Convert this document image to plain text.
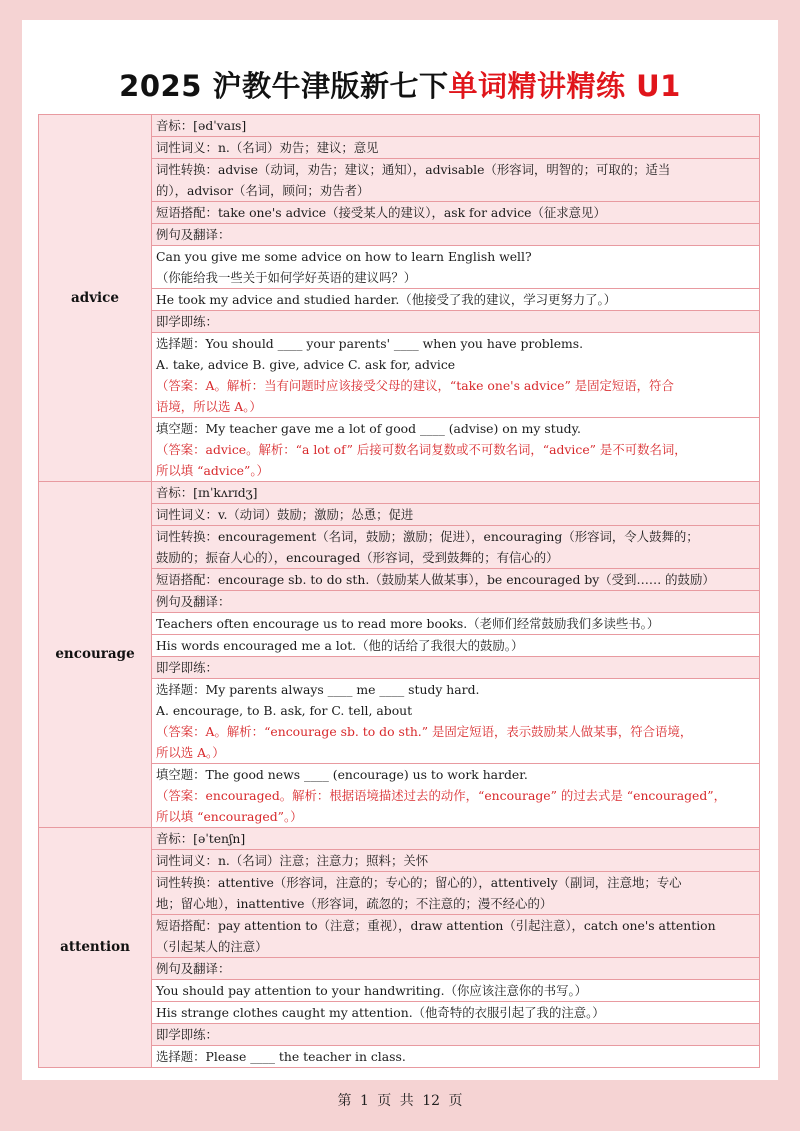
2025 沪教牛津版新七下单词精讲精练 U1
advice	音标：[ədˈvaɪs]

	词性词义：n.（名词）劝告；建议；意见

	词性转换：advise（动词，劝告；建议；通知），advisable（形容词，明智的；可取的；适当
的），advisor（名词，顾问；劝告者）

	短语搭配：take one's advice（接受某人的建议），ask for advice（征求意见）

	例句及翻译：

	Can you give me some advice on how to learn English well?
（你能给我一些关于如何学好英语的建议吗？）

	He took my advice and studied harder.（他接受了我的建议，学习更努力了。）

	即学即练：

	选择题：You should ____ your parents' ____ when you have problems.
A. take, advice B. give, advice C. ask for, advice
（答案：A。解析：当有问题时应该接受父母的建议，“take one's advice” 是固定短语，符合
语境，所以选 A。）

	填空题：My teacher gave me a lot of good ____ (advise) on my study.
（答案：advice。解析：“a lot of” 后接可数名词复数或不可数名词，“advice” 是不可数名词，
所以填 “advice”。）

encourage	音标：[ɪnˈkʌrɪdʒ]

	词性词义：v.（动词）鼓励；激励；怂恿；促进

	词性转换：encouragement（名词，鼓励；激励；促进），encouraging（形容词，令人鼓舞的；
鼓励的；振奋人心的），encouraged（形容词，受到鼓舞的；有信心的）

	短语搭配：encourage sb. to do sth.（鼓励某人做某事），be encouraged by（受到…… 的鼓励）

	例句及翻译：

	Teachers often encourage us to read more books.（老师们经常鼓励我们多读些书。）

	His words encouraged me a lot.（他的话给了我很大的鼓励。）

	即学即练：

	选择题：My parents always ____ me ____ study hard.
A. encourage, to B. ask, for C. tell, about
（答案：A。解析：“encourage sb. to do sth.” 是固定短语，表示鼓励某人做某事，符合语境，
所以选 A。）

	填空题：The good news ____ (encourage) us to work harder.
（答案：encouraged。解析：根据语境描述过去的动作，“encourage” 的过去式是 “encouraged”，
所以填 “encouraged”。）

attention	音标：[əˈtenʃn]

	词性词义：n.（名词）注意；注意力；照料；关怀

	词性转换：attentive（形容词，注意的；专心的；留心的），attentively（副词，注意地；专心
地；留心地），inattentive（形容词，疏忽的；不注意的；漫不经心的）

	短语搭配：pay attention to（注意；重视），draw attention（引起注意），catch one's attention
（引起某人的注意）

	例句及翻译：

	You should pay attention to your handwriting.（你应该注意你的书写。）

	His strange clothes caught my attention.（他奇特的衣服引起了我的注意。）

	即学即练：

	选择题：Please ____ the teacher in class.
第 1 页 共 12 页
